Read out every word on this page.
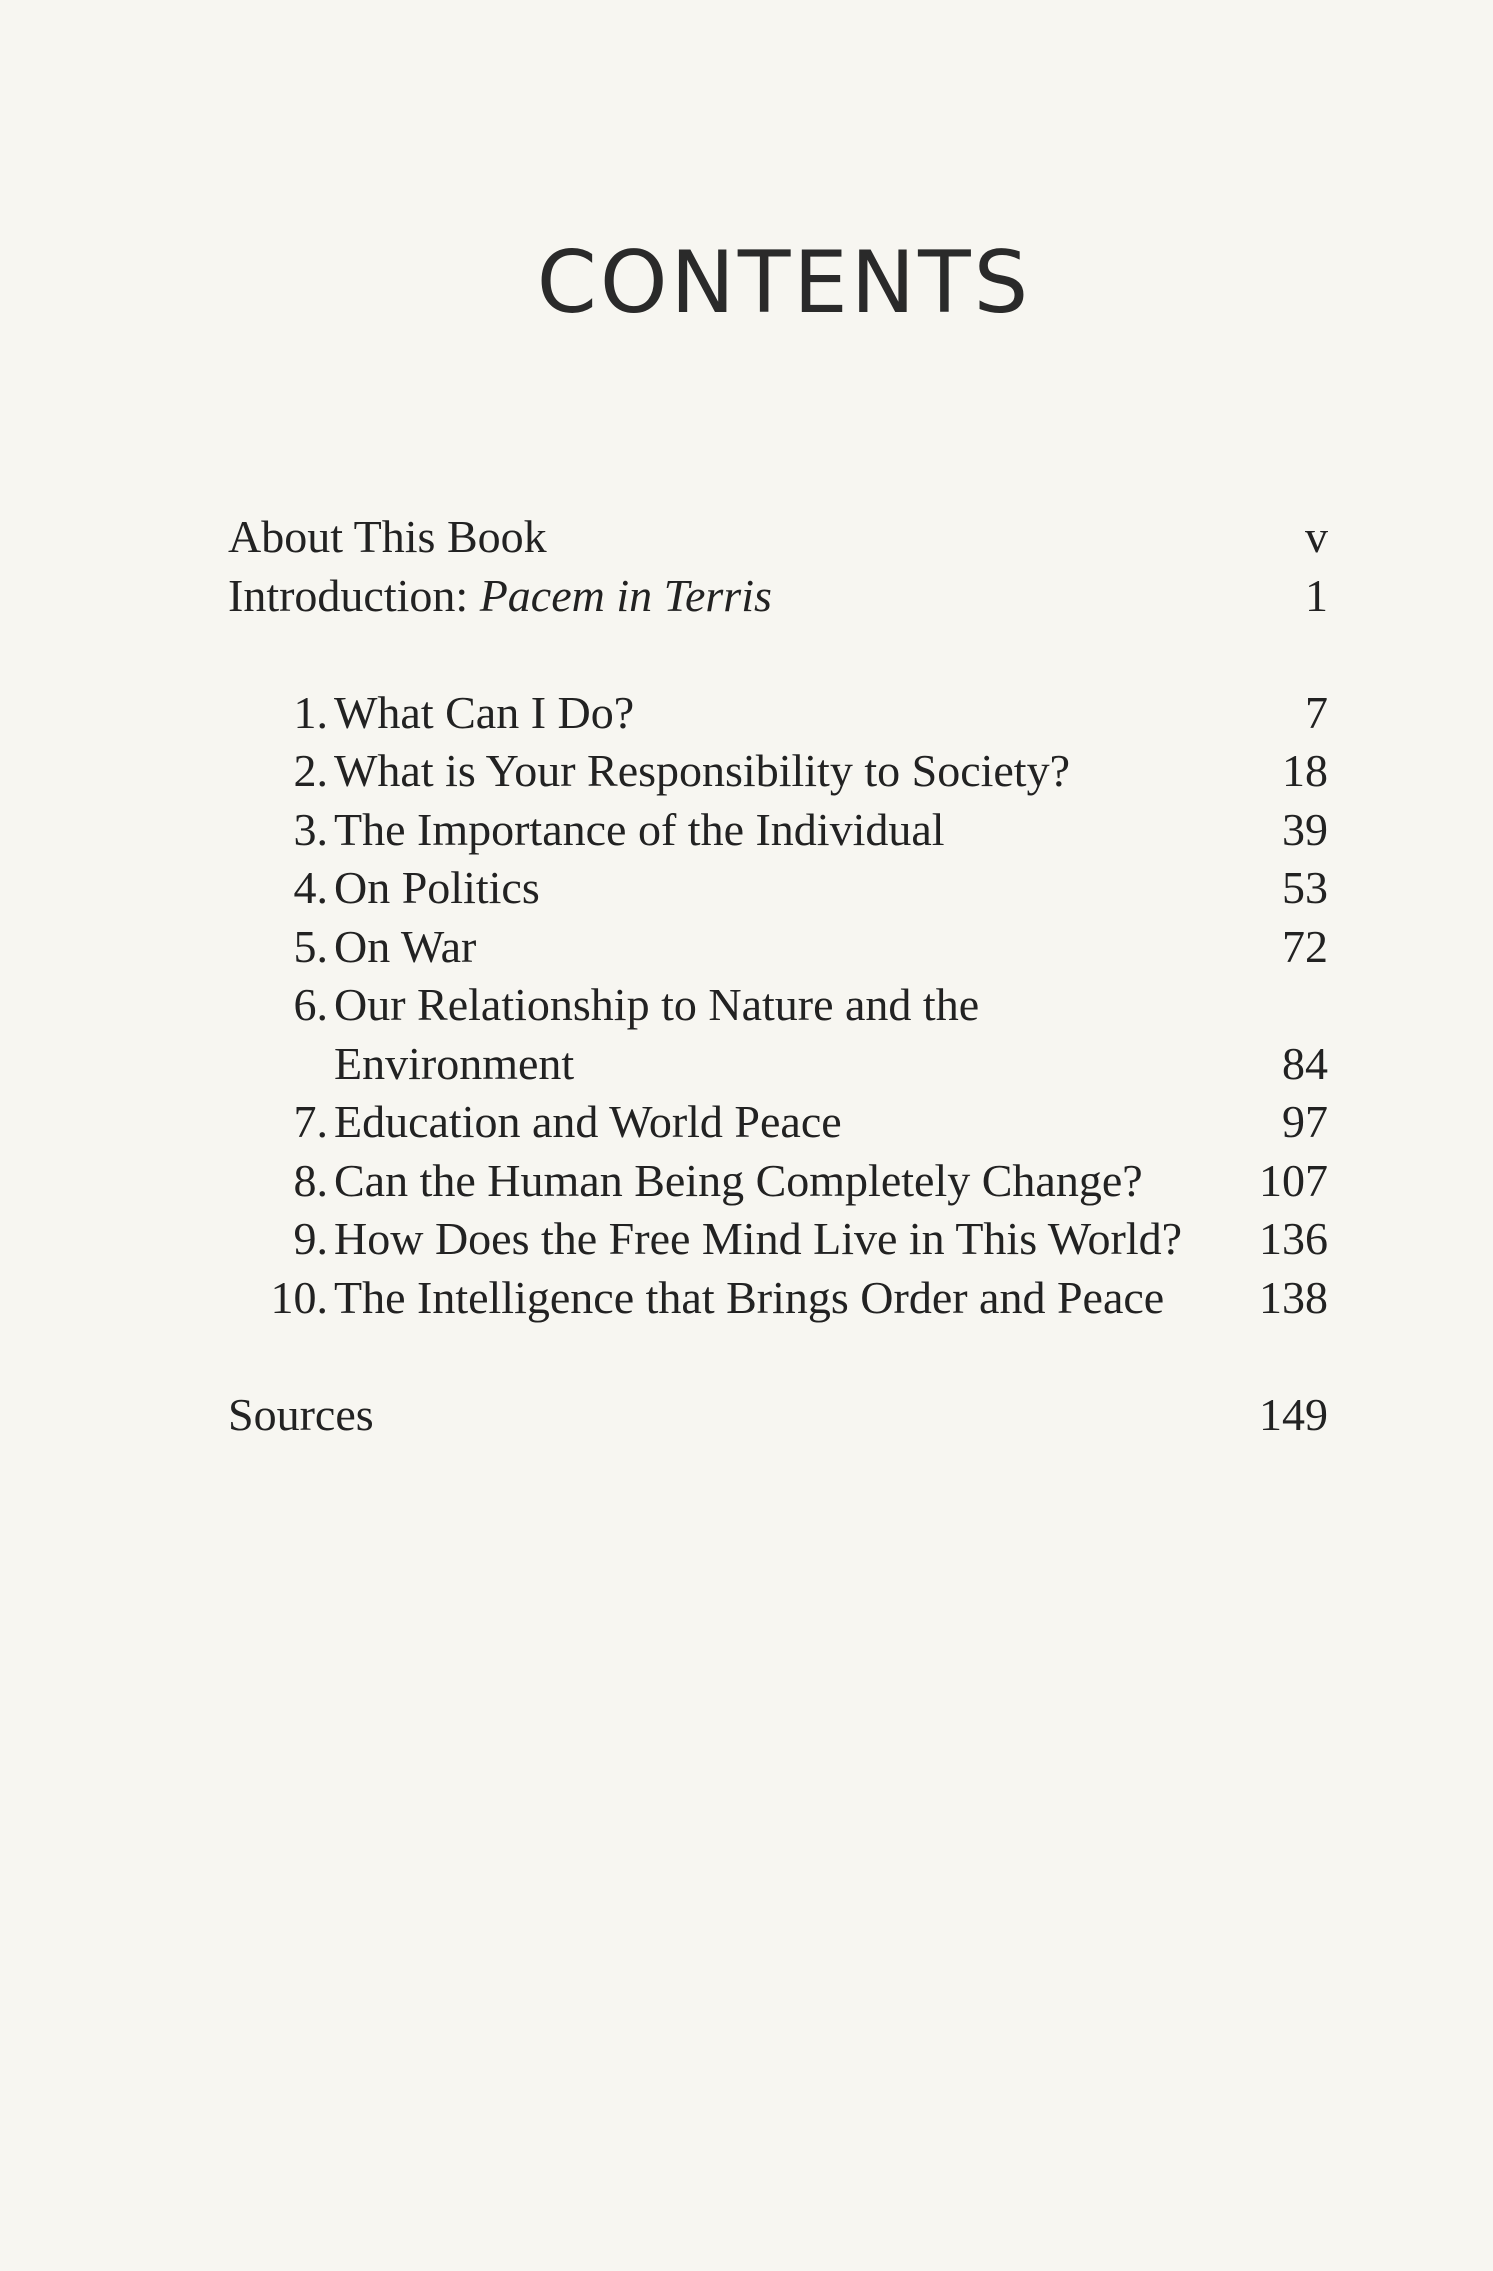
CONTENTS
About This Book	v
Introduction: Pacem in Terris	1
1. What Can I Do?	7
2. What is Your Responsibility to Society?	18
3. The Importance of the Individual	39
4. On Politics	53
5. On War	72
6. Our Relationship to Nature and the
Environment	84
7. Education and World Peace	97
8. Can the Human Being Completely Change?	107
9. How Does the Free Mind Live in This World? 136
10. The Intelligence that Brings Order and Peace 138
Sources	149
